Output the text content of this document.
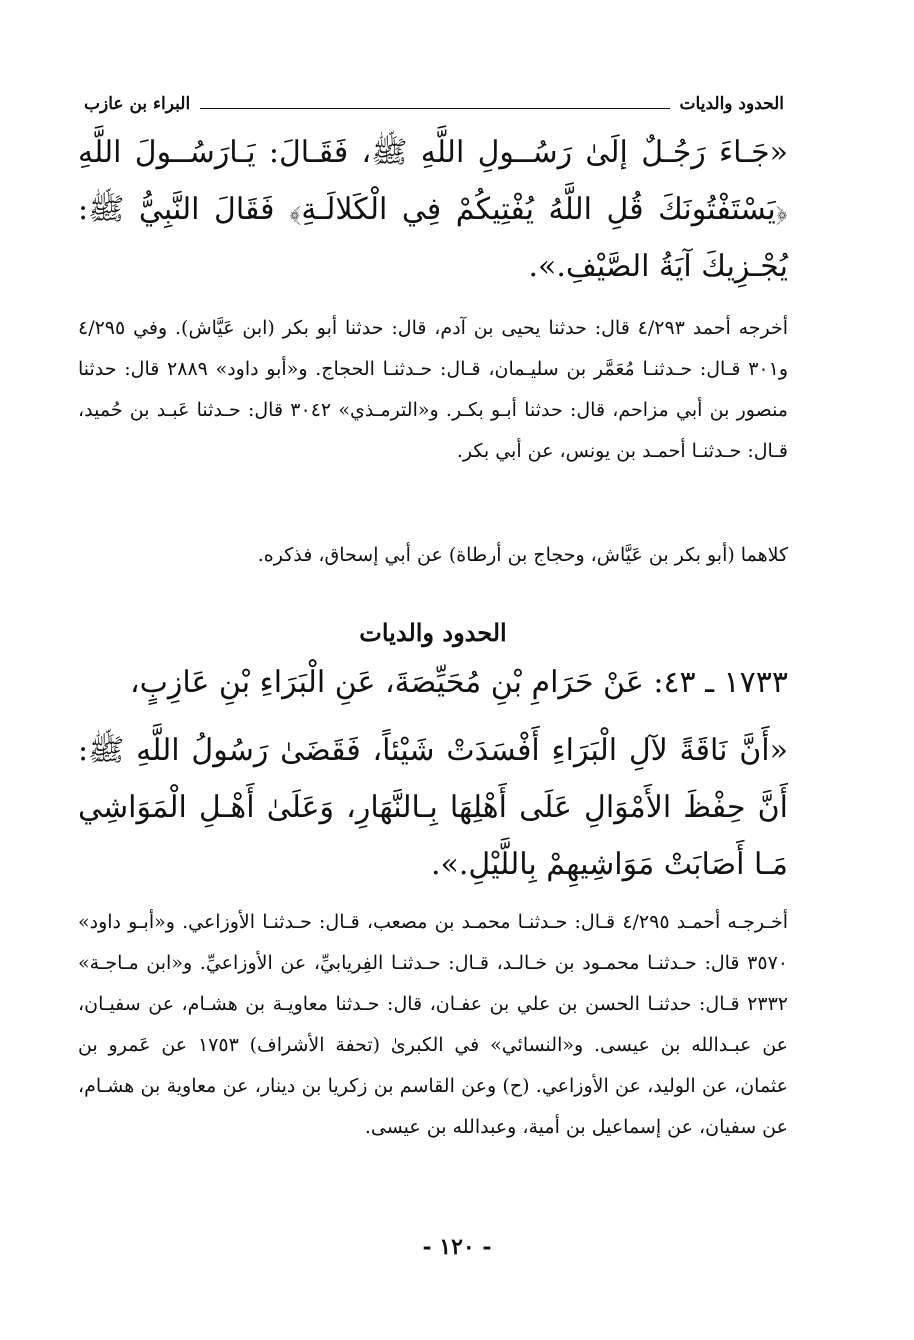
الحدود والديات
البراء بن عازب

«جَـاءَ رَجُـلٌ إلَىٰ رَسُــولِ اللَّهِ ﷺ، فَقَـالَ: يَـارَسُــولَ اللَّهِ ﴿يَسْتَفْتُونَكَ قُلِ اللَّهُ يُفْتِيكُمْ فِي الْكَلالَـةِ﴾ فَقَالَ النَّبِيُّ ﷺ: يُجْـزِيكَ آيَةُ الصَّيْفِ.».

أخرجه أحمد ٤/٢٩٣ قال: حدثنا يحيى بن آدم، قال: حدثنا أبو بكر (ابن عَيَّاش). وفي ٤/٢٩٥ و٣٠١ قـال: حـدثنـا مُعَمَّر بن سليـمان، قـال: حـدثنـا الحجاج. و«أبو داود» ٢٨٨٩ قال: حدثنا منصور بن أبي مزاحم، قال: حدثنا أبـو بكـر. و«الترمـذي» ٣٠٤٢ قال: حـدثنا عَبـد بن حُميد، قـال: حـدثنـا أحمـد بن يونس، عن أبي بكر.

كلاهما (أبو بكر بن عَيَّاش، وحجاج بن أرطاة) عن أبي إسحاق، فذكره.

الحدود والديات
١٧٣٣ ـ ٤٣: عَنْ حَرَامِ بْنِ مُحَيِّصَةَ، عَنِ الْبَرَاءِ بْنِ عَازِبٍ،

«أَنَّ نَاقَةً لآلِ الْبَرَاءِ أَفْسَدَتْ شَيْئاً، فَقَضَىٰ رَسُولُ اللَّهِ ﷺ: أَنَّ حِفْظَ الأَمْوَالِ عَلَى أَهْلِهَا بِـالنَّهَارِ، وَعَلَىٰ أَهْـلِ الْمَوَاشِي مَـا أَصَابَتْ مَوَاشِيهِمْ بِاللَّيْلِ.».

أخـرجـه أحمـد ٤/٢٩٥ قـال: حـدثنـا محمـد بن مصعب، قـال: حـدثنـا الأوزاعي. و«أبـو داود» ٣٥٧٠ قال: حـدثنـا محمـود بن خـالـد، قـال: حـدثنـا الفِريابيِّ، عن الأوزاعيِّ. و«ابن مـاجـة» ٢٣٣٢ قـال: حدثنـا الحسن بن علي بن عفـان، قال: حـدثنا معاويـة بن هشـام، عن سفيـان، عن عبـدالله بن عيسى. و«النسائي» في الكبرىٰ (تحفة الأشراف) ١٧٥٣ عن عَمرو بن عثمان، عن الوليد، عن الأوزاعي. (ح) وعن القاسم بن زكريا بن دينار، عن معاوية بن هشـام، عن سفيان، عن إسماعيل بن أمية، وعبدالله بن عيسى.

- ١٢٠ -
